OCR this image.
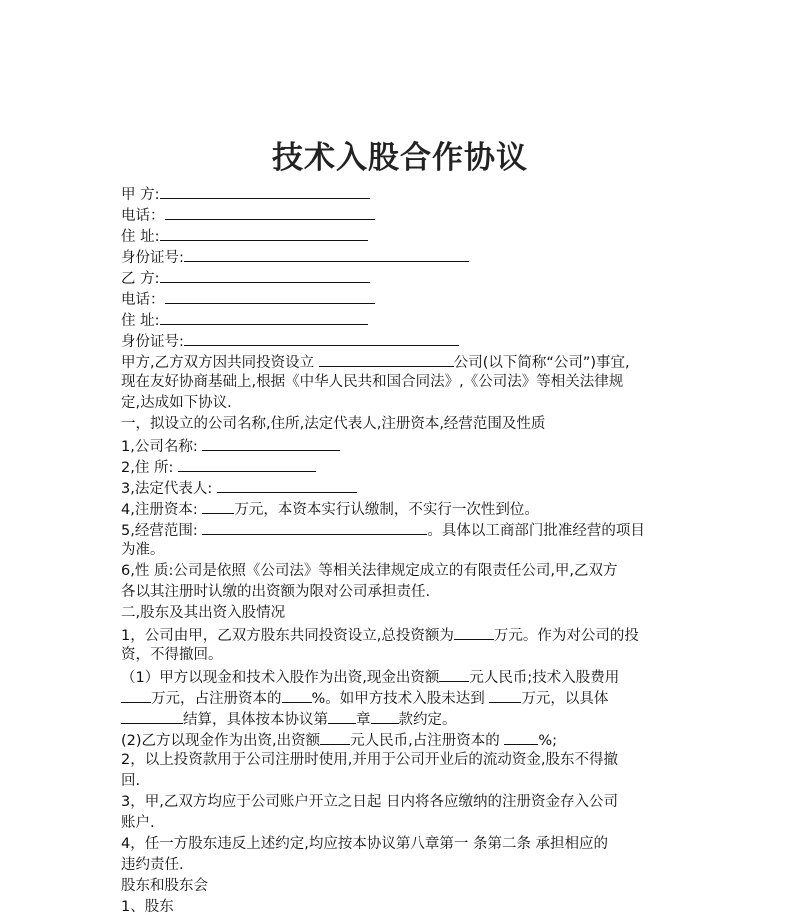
技术入股合作协议
甲 方:
电话：
住 址:
身份证号:
乙 方:
电话：
住 址:
身份证号:
甲方,乙方双方因共同投资设立	公司(以下简称“公司”)事宜,
现在友好协商基础上,根据《中华人民共和国合同法》,《公司法》等相关法律规
定,达成如下协议.
一，拟设立的公司名称,住所,法定代表人,注册资本,经营范围及性质
1,公司名称:
2,住 所:
3,法定代表人:
4,注册资本: 万元，本资本实行认缴制，不实行一次性到位。
5,经营范围:	。具体以工商部门批准经营的项目
为准。
6,性 质:公司是依照《公司法》等相关法律规定成立的有限责任公司,甲,乙双方
各以其注册时认缴的出资额为限对公司承担责任.
二,股东及其出资入股情况
1，公司由甲，乙双方股东共同投资设立,总投资额为	万元。作为对公司的投
资，不得撤回。
（1）甲方以现金和技术入股作为出资,现金出资额 元人民币;技术入股费用
万元，占注册资本的 %。如甲方技术入股未达到 万元，以具体
结算，具体按本协议第 章 款约定。
(2)乙方以现金作为出资,出资额 元人民币,占注册资本的 %;
2，以上投资款用于公司注册时使用,并用于公司开业后的流动资金,股东不得撤
回.
3，甲,乙双方均应于公司账户开立之日起 日内将各应缴纳的注册资金存入公司
账户.
4，任一方股东违反上述约定,均应按本协议第八章第一 条第二条 承担相应的
违约责任.
股东和股东会
1、股东
